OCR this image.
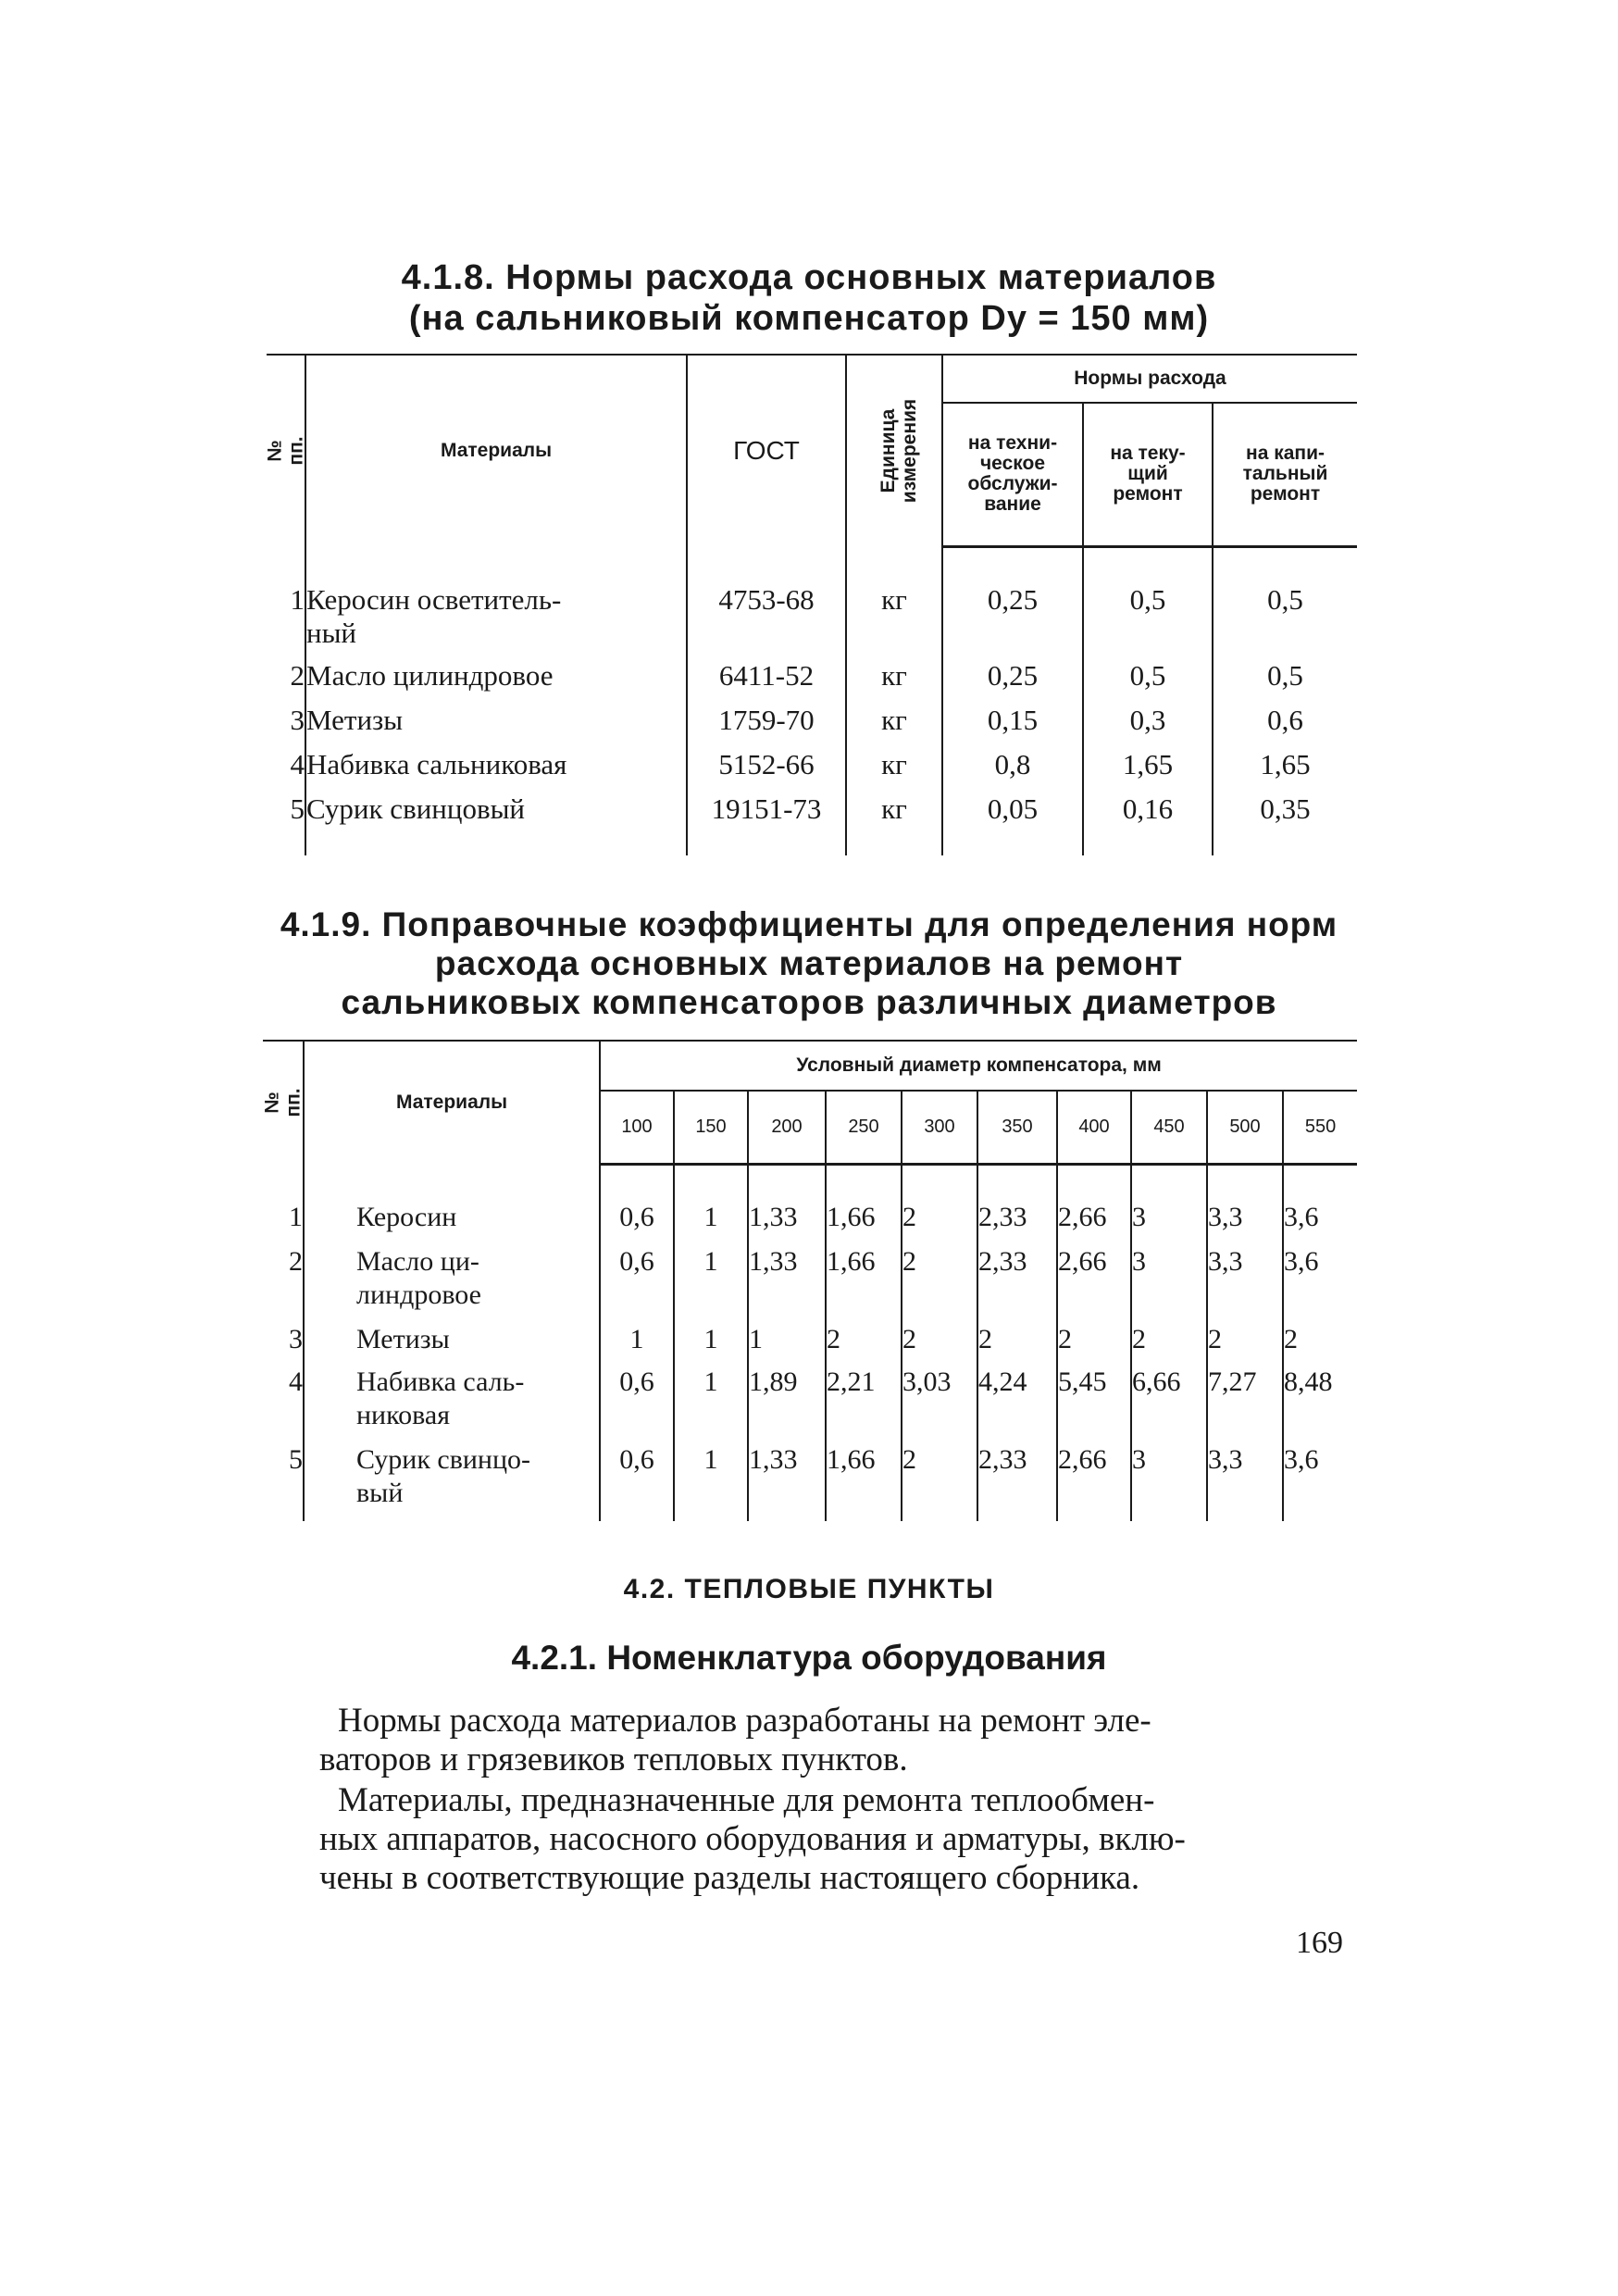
4.1.8. Нормы расхода основных материалов
(на сальниковый компенсатор Dy = 150 мм)
№ пп.	Материалы	ГОСТ	Единица
измерения	Нормы расхода		
				на техни-
ческое
обслужи-
вание	на теку-
щий
ремонт	на капи-
тальный
ремонт

1	Керосин осветитель-
ный	4753-68	кг	0,25	0,5	0,5
2	Масло цилиндровое	6411-52	кг	0,25	0,5	0,5
3	Метизы	1759-70	кг	0,15	0,3	0,6
4	Набивка сальниковая	5152-66	кг	0,8	1,65	1,65
5	Сурик свинцовый	19151-73	кг	0,05	0,16	0,35

4.1.9. Поправочные коэффициенты для определения норм
расхода основных материалов на ремонт
сальниковых компенсаторов различных диаметров
№ пп.	Материалы	Условный диаметр компенсатора, мм									
		100	150	200	250	300	350	400	450	500	550

1	Керосин	0,6	1	1,33	1,66	2	2,33	2,66	3	3,3	3,6
2	Масло ци-
линдровое	0,6	1	1,33	1,66	2	2,33	2,66	3	3,3	3,6
3	Метизы	1	1	1	2	2	2	2	2	2	2
4	Набивка саль-
никовая	0,6	1	1,89	2,21	3,03	4,24	5,45	6,66	7,27	8,48
5	Сурик свинцо-
вый	0,6	1	1,33	1,66	2	2,33	2,66	3	3,3	3,6
4.2. ТЕПЛОВЫЕ ПУНКТЫ
4.2.1. Номенклатура оборудования

Нормы расхода материалов разработаны на ремонт эле-
ваторов и грязевиков тепловых пунктов.

Материалы, предназначенные для ремонта теплообмен-
ных аппаратов, насосного оборудования и арматуры, вклю-
чены в соответствующие разделы настоящего сборника.

169
